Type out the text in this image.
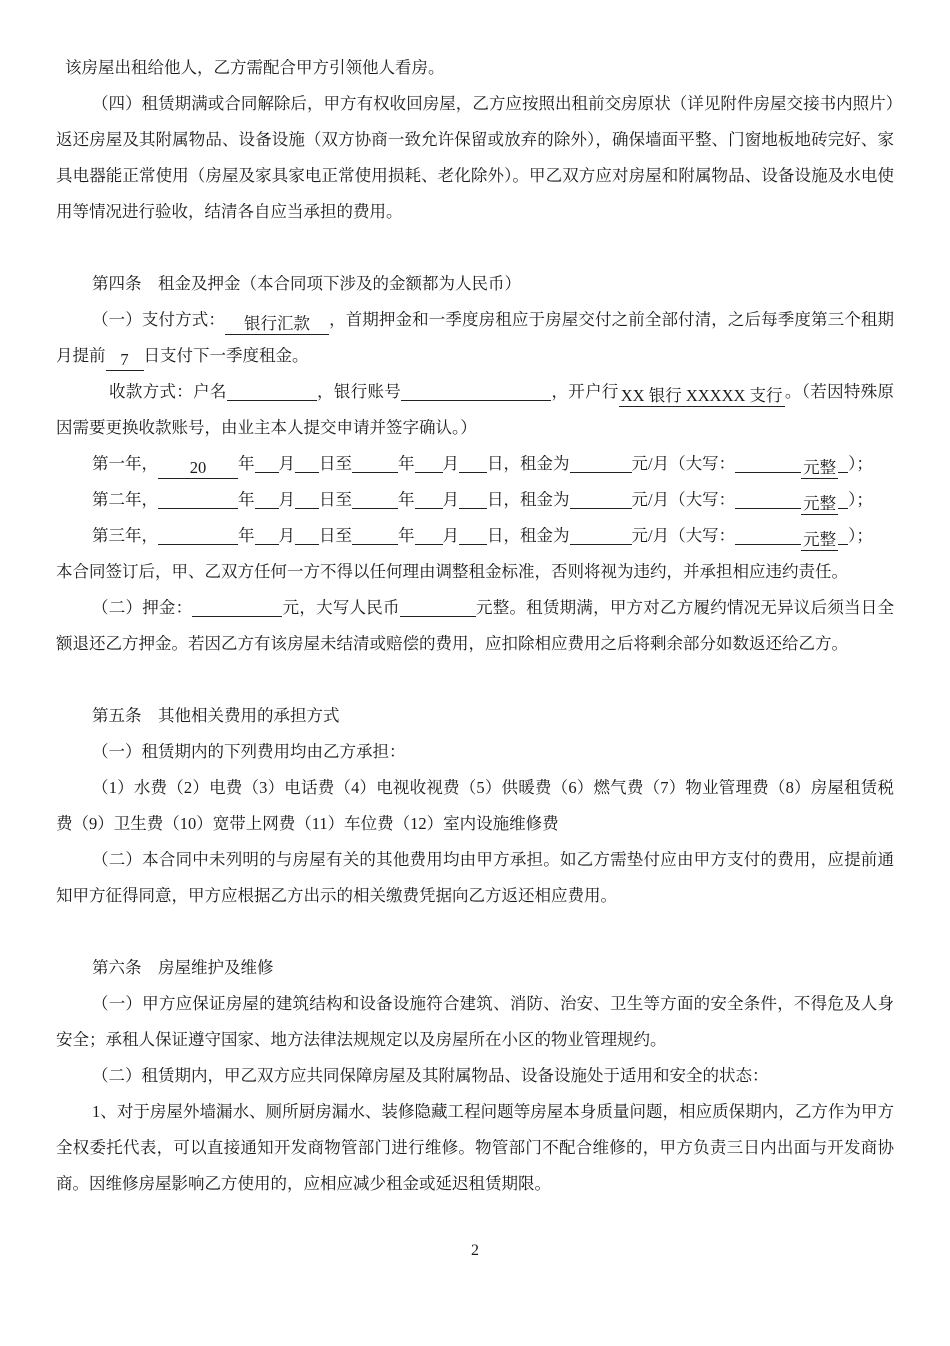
该房屋出租给他人，乙方需配合甲方引领他人看房。
（四）租赁期满或合同解除后，甲方有权收回房屋，乙方应按照出租前交房原状（详见附件房屋交接书内照片）返还房屋及其附属物品、设备设施（双方协商一致允许保留或放弃的除外），确保墙面平整、门窗地板地砖完好、家具电器能正常使用（房屋及家具家电正常使用损耗、老化除外）。甲乙双方应对房屋和附属物品、设备设施及水电使用等情况进行验收，结清各自应当承担的费用。
第四条　租金及押金（本合同项下涉及的金额都为人民币）
（一）支付方式： 银行汇款 ，首期押金和一季度房租应于房屋交付之前全部付清，之后每季度第三个租期月提前 7 日支付下一季度租金。
收款方式：户名	，银行账号	，开户行 XX 银行 XXXXX 支行 。（若因特殊原因需要更换收款账号，由业主本人提交申请并签字确认。）
第一年， 20 年 月 日至	年 月 日，租金为	元/月（大写：	元整 ）；
第二年，	年 月 日至	年 月 日，租金为	元/月（大写：	元整 ）；
第三年，	年 月 日至	年 月 日，租金为	元/月（大写：	元整 ）；
本合同签订后，甲、乙双方任何一方不得以任何理由调整租金标准，否则将视为违约，并承担相应违约责任。
（二）押金：	元，大写人民币	元整。租赁期满，甲方对乙方履约情况无异议后须当日全额退还乙方押金。若因乙方有该房屋未结清或赔偿的费用，应扣除相应费用之后将剩余部分如数返还给乙方。
第五条　其他相关费用的承担方式
（一）租赁期内的下列费用均由乙方承担：
（1）水费（2）电费（3）电话费（4）电视收视费（5）供暖费（6）燃气费（7）物业管理费（8）房屋租赁税费（9）卫生费（10）宽带上网费（11）车位费（12）室内设施维修费
（二）本合同中未列明的与房屋有关的其他费用均由甲方承担。如乙方需垫付应由甲方支付的费用，应提前通知甲方征得同意，甲方应根据乙方出示的相关缴费凭据向乙方返还相应费用。
第六条　房屋维护及维修
（一）甲方应保证房屋的建筑结构和设备设施符合建筑、消防、治安、卫生等方面的安全条件，不得危及人身安全；承租人保证遵守国家、地方法律法规规定以及房屋所在小区的物业管理规约。
（二）租赁期内，甲乙双方应共同保障房屋及其附属物品、设备设施处于适用和安全的状态：
1、对于房屋外墙漏水、厕所厨房漏水、装修隐藏工程问题等房屋本身质量问题，相应质保期内，乙方作为甲方全权委托代表，可以直接通知开发商物管部门进行维修。物管部门不配合维修的，甲方负责三日内出面与开发商协商。因维修房屋影响乙方使用的，应相应减少租金或延迟租赁期限。
2
